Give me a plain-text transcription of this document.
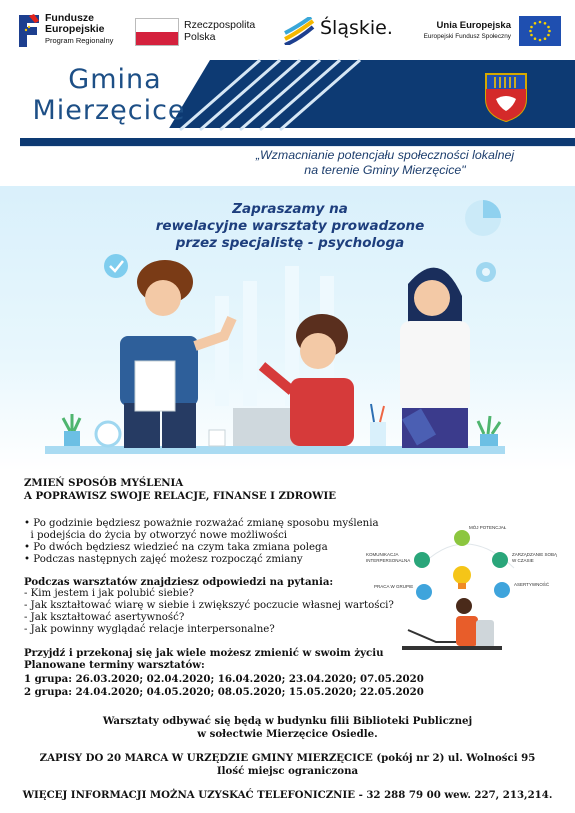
Fundusze
Europejskie
Program Regionalny
Rzeczpospolita
Polska	Śląskie.	Unia Europejska
Europejski Fundusz Społeczny
Gmina
Mierzęcice
„Wzmacnianie potencjału społeczności lokalnej
na terenie Gminy Mierzęcice"
Zapraszamy na
rewelacyjne warsztaty prowadzone
przez specjalistę - psychologa
ZMIEŃ SPOSÓB MYŚLENIA
A POPRAWISZ SWOJE RELACJE, FINANSE I ZDROWIE
• Po godzinie będziesz poważnie rozważać zmianę sposobu myślenia
i podejścia do życia by otworzyć nowe możliwości
• Po dwóch będziesz wiedzieć na czym taka zmiana polega
• Podczas następnych zajęć możesz rozpocząć zmiany
Podczas warsztatów znajdziesz odpowiedzi na pytania:
- Kim jestem i jak polubić siebie?
- Jak kształtować wiarę w siebie i zwiększyć poczucie własnej wartości?
- Jak kształtować asertywność?
- Jak powinny wyglądać relacje interpersonalne?
Przyjdź i przekonaj się jak wiele możesz zmienić w swoim życiu
Planowane terminy warsztatów:
1 grupa: 26.03.2020; 02.04.2020; 16.04.2020; 23.04.2020; 07.05.2020
2 grupa: 24.04.2020; 04.05.2020; 08.05.2020; 15.05.2020; 22.05.2020
MÓJ POTENCJAŁ
KOMUNIKACJA INTERPERSONALNA
ZARZĄDZANIE SOBĄ W CZASIE
PRACA W GRUPIE	ASERTYWNOŚĆ
Warsztaty odbywać się będą w budynku filii Biblioteki Publicznej
w sołectwie Mierzęcice Osiedle.
ZAPISY DO 20 MARCA W URZĘDZIE GMINY MIERZĘCICE (pokój nr 2) ul. Wolności 95
Ilość miejsc ograniczona
WIĘCEJ INFORMACJI MOŻNA UZYSKAĆ TELEFONICZNIE - 32 288 79 00 wew. 227, 213,214.
